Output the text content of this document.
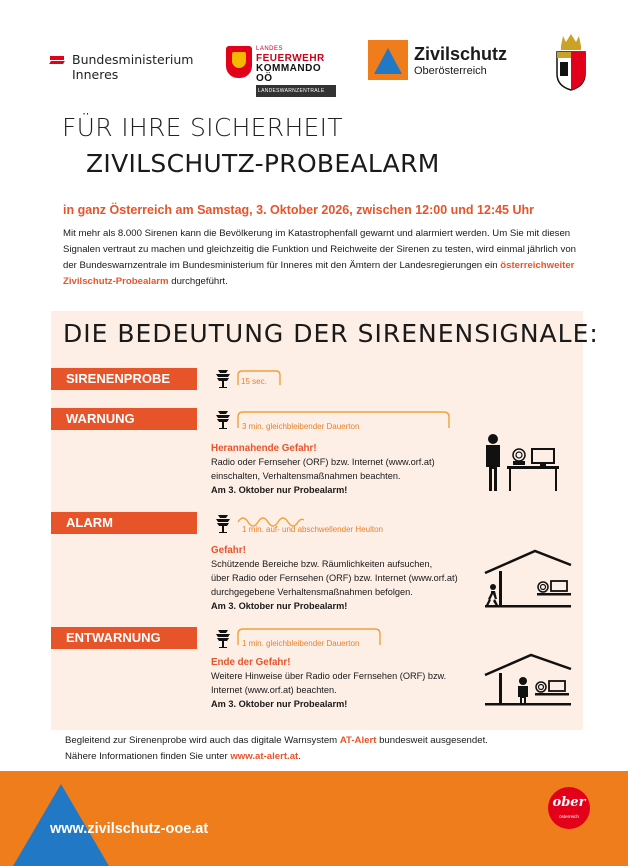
Bundesministerium
Inneres
LANDES
FEUERWEHR
KOMMANDO OÖ
LANDESWARNZENTRALE
Zivilschutz
Oberösterreich
FÜR IHRE SICHERHEIT
ZIVILSCHUTZ-PROBEALARM
in ganz Österreich am Samstag, 3. Oktober 2026, zwischen 12:00 und 12:45 Uhr
Mit mehr als 8.000 Sirenen kann die Bevölkerung im Katastrophenfall gewarnt und alarmiert werden. Um Sie mit diesen Signalen vertraut zu machen und gleichzeitig die Funktion und Reichweite der Sirenen zu testen, wird einmal jährlich von der Bundeswarnzentrale im Bundesministerium für Inneres mit den Ämtern der Landesregierungen ein österreichweiter Zivilschutz-Probealarm durchgeführt.
DIE BEDEUTUNG DER SIRENENSIGNALE:
SIRENENPROBE	15 sec.
WARNUNG
3 min. gleichbleibender Dauerton
Herannahende Gefahr!
Radio oder Fernseher (ORF) bzw. Internet (www.orf.at)
einschalten, Verhaltensmaßnahmen beachten.
Am 3. Oktober nur Probealarm!
ALARM	1 min. auf- und abschwellender Heulton
Gefahr!
Schützende Bereiche bzw. Räumlichkeiten aufsuchen,
über Radio oder Fernsehen (ORF) bzw. Internet (www.orf.at)
durchgegebene Verhaltensmaßnahmen befolgen.
Am 3. Oktober nur Probealarm!
ENTWARNUNG	1 min. gleichbleibender Dauerton
Ende der Gefahr!
Weitere Hinweise über Radio oder Fernsehen (ORF) bzw.
Internet (www.orf.at) beachten.
Am 3. Oktober nur Probealarm!
Begleitend zur Sirenenprobe wird auch das digitale Warnsystem AT-Alert bundesweit ausgesendet.
Nähere Informationen finden Sie unter www.at-alert.at.
www.zivilschutz-ooe.at
ober
österreich
